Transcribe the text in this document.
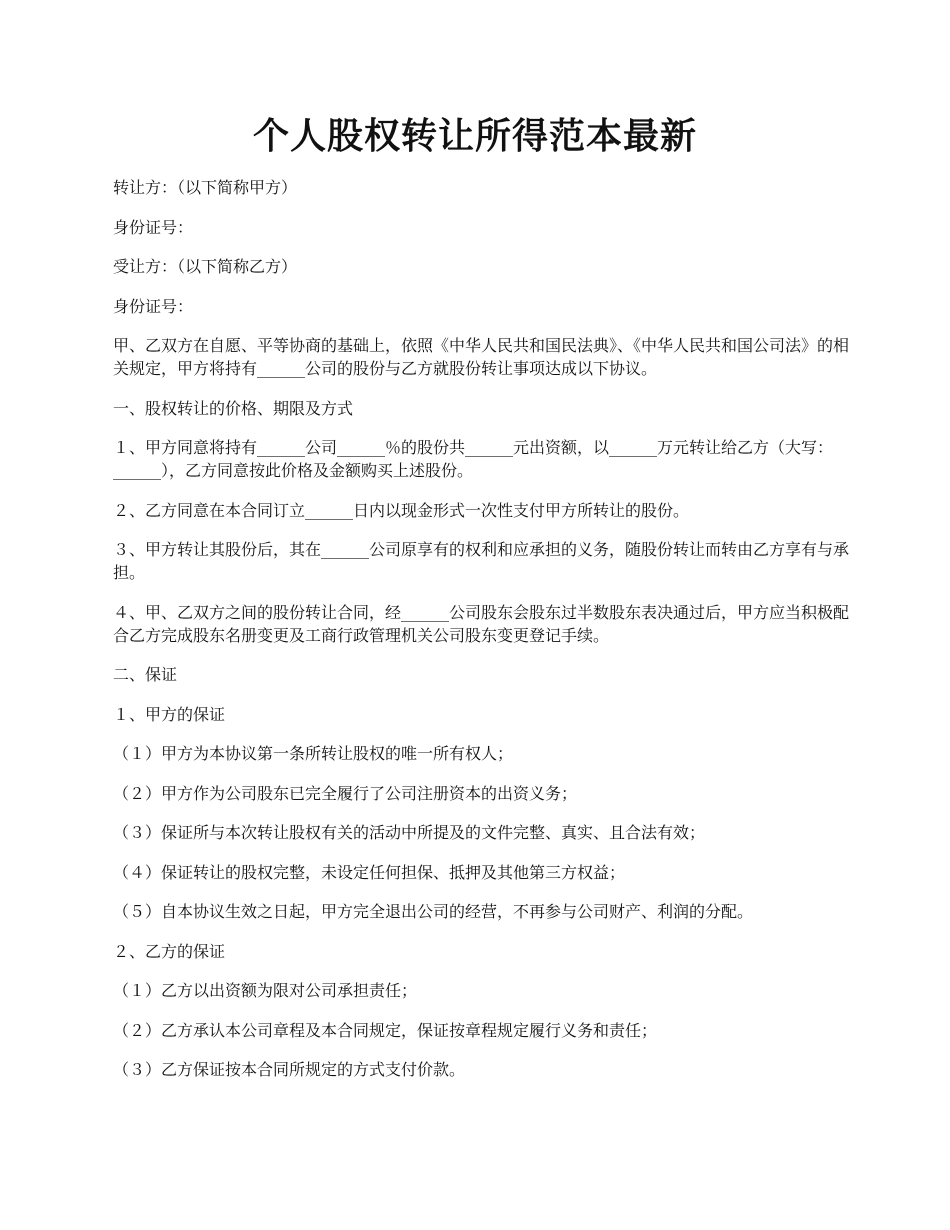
个人股权转让所得范本最新

转让方：（以下简称甲方）

身份证号：

受让方：（以下简称乙方）

身份证号：

甲、乙双方在自愿、平等协商的基础上，依照《中华人民共和国民法典》、《中华人民共和国公司法》的相关规定，甲方将持有______公司的股份与乙方就股份转让事项达成以下协议。

一、股权转让的价格、期限及方式

１、甲方同意将持有______公司______％的股份共______元出资额，以______万元转让给乙方（大写：______），乙方同意按此价格及金额购买上述股份。

２、乙方同意在本合同订立______日内以现金形式一次性支付甲方所转让的股份。

３、甲方转让其股份后，其在______公司原享有的权利和应承担的义务，随股份转让而转由乙方享有与承担。

４、甲、乙双方之间的股份转让合同，经______公司股东会股东过半数股东表决通过后，甲方应当积极配合乙方完成股东名册变更及工商行政管理机关公司股东变更登记手续。

二、保证

１、甲方的保证

（１）甲方为本协议第一条所转让股权的唯一所有权人；

（２）甲方作为公司股东已完全履行了公司注册资本的出资义务；

（３）保证所与本次转让股权有关的活动中所提及的文件完整、真实、且合法有效；

（４）保证转让的股权完整，未设定任何担保、抵押及其他第三方权益；

（５）自本协议生效之日起，甲方完全退出公司的经营，不再参与公司财产、利润的分配。

２、乙方的保证

（１）乙方以出资额为限对公司承担责任；

（２）乙方承认本公司章程及本合同规定，保证按章程规定履行义务和责任；

（３）乙方保证按本合同所规定的方式支付价款。
